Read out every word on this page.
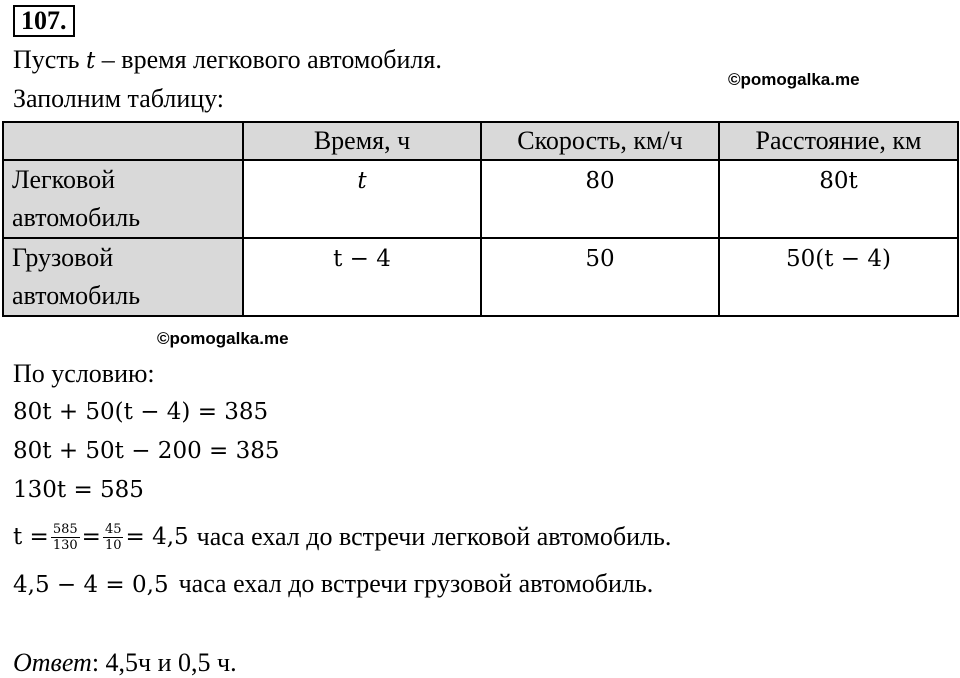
107.
Пусть t – время легкового автомобиля.
©pomogalka.me
Заполним таблицу:
	Время, ч	Скорость, км/ч	Расстояние, км

Легковой
автомобиль	t	80	80t

Грузовой
автомобиль	t − 4	50	50(t − 4)
©pomogalka.me
По условию:
80t + 50(t − 4) = 385
80t + 50t − 200 = 385
130t = 585
$t = \frac{585}{130} = \frac{45}{10} = 4,5$ часа ехал до встречи легковой автомобиль.
4,5 − 4 = 0,5 часа ехал до встречи грузовой автомобиль.
Ответ: 4,5ч и 0,5 ч.
